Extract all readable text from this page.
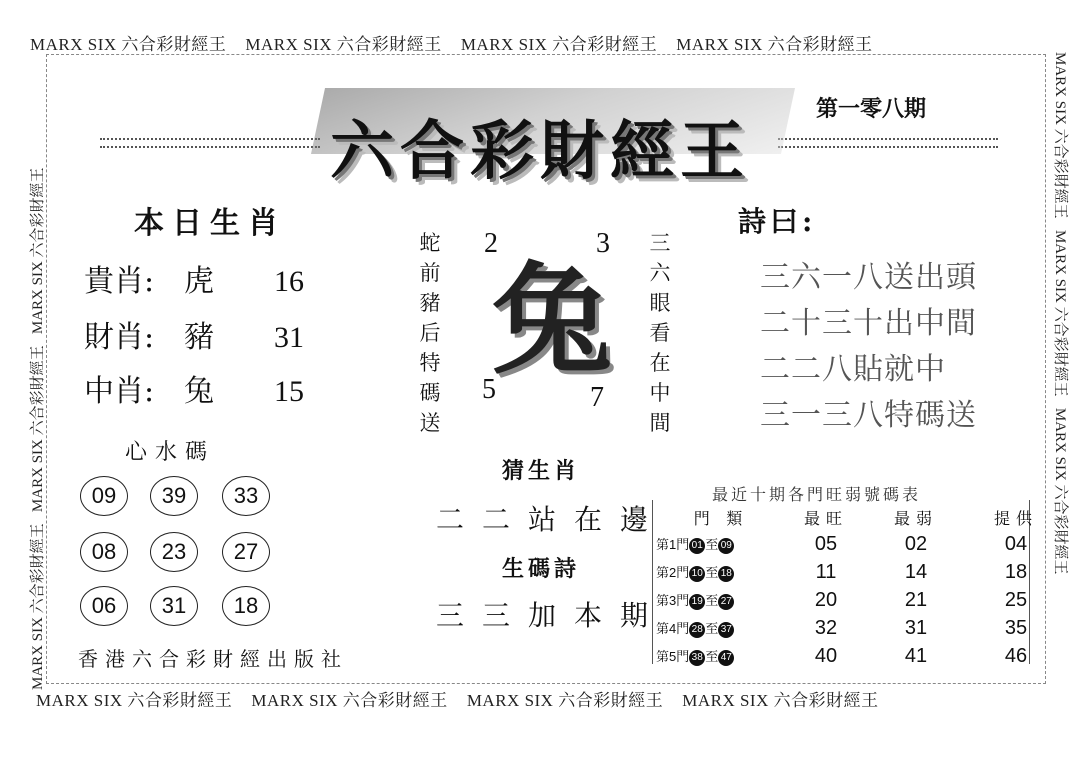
MARX SIX 六合彩財經王 MARX SIX 六合彩財經王 MARX SIX 六合彩財經王 MARX SIX 六合彩財經王
MARX SIX 六合彩財經王 MARX SIX 六合彩財經王 MARX SIX 六合彩財經王 MARX SIX 六合彩財經王
MARX SIX 六合彩財經王   MARX SIX 六合彩財經王   MARX SIX 六合彩財經王
MARX SIX 六合彩財經王   MARX SIX 六合彩財經王   MARX SIX 六合彩財經王
六合彩財經王
第一零八期
本日生肖
貴肖: 虎	16
財肖: 豬	31
中肖: 兔	15
心水碼
09	39	33
08	23	27
06	31	18
香港六合彩財經出版社
蛇前豬后特碼送
三六眼看在中間
兔
2	3
5	7
猜生肖
二二站在邊
生碼詩
三三加本期
詩曰:
三六一八送出頭
二十三十出中間
二二八貼就中
三一三八特碼送
最近十期各門旺弱號碼表
門 類	最旺	最弱	提供
第1門 01 至 09	05	02	04
第2門 10 至 18	11	14	18
第3門 19 至 27	20	21	25
第4門 28 至 37	32	31	35
第5門 38 至 47	40	41	46
